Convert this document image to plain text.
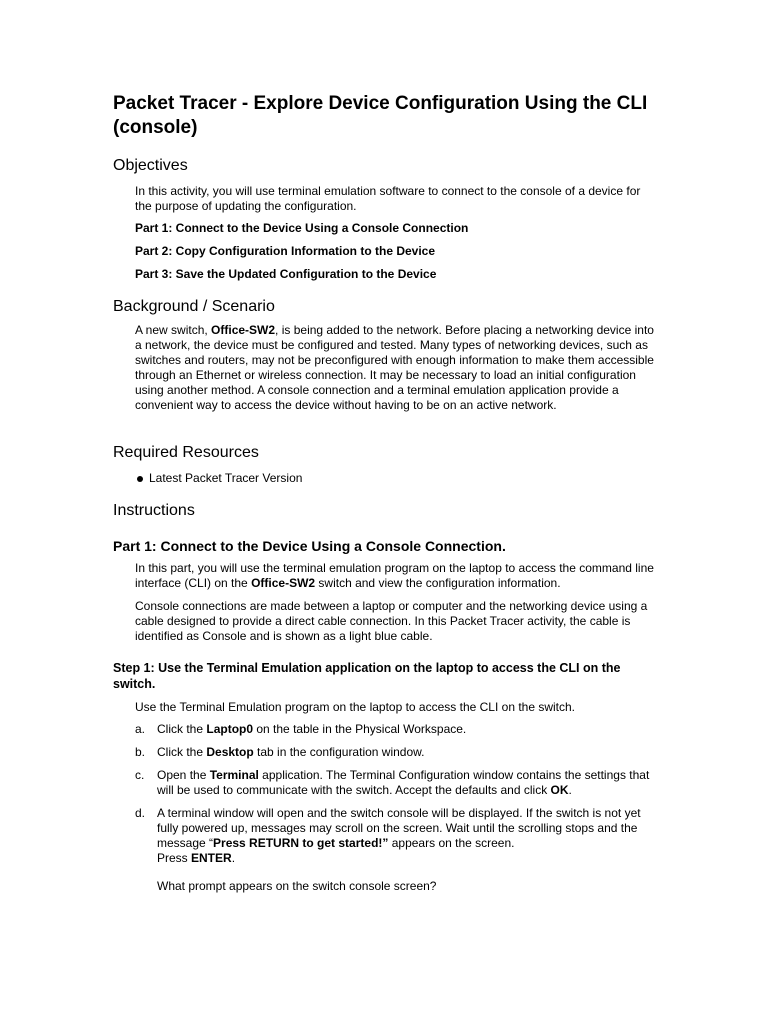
Packet Tracer - Explore Device Configuration Using the CLI (console)
Objectives

In this activity, you will use terminal emulation software to connect to the console of a device for the purpose of updating the configuration.

Part 1: Connect to the Device Using a Console Connection

Part 2: Copy Configuration Information to the Device

Part 3: Save the Updated Configuration to the Device

Background / Scenario

A new switch, Office-SW2, is being added to the network. Before placing a networking device into a network, the device must be configured and tested. Many types of networking devices, such as switches and routers, may not be preconfigured with enough information to make them accessible through an Ethernet or wireless connection. It may be necessary to load an initial configuration using another method. A console connection and a terminal emulation application provide a convenient way to access the device without having to be on an active network.

Required Resources

Latest Packet Tracer Version

Instructions
Part 1: Connect to the Device Using a Console Connection.

In this part, you will use the terminal emulation program on the laptop to access the command line interface (CLI) on the Office-SW2 switch and view the configuration information.

Console connections are made between a laptop or computer and the networking device using a cable designed to provide a direct cable connection. In this Packet Tracer activity, the cable is identified as Console and is shown as a light blue cable.

Step 1: Use the Terminal Emulation application on the laptop to access the CLI on the switch.

Use the Terminal Emulation program on the laptop to access the CLI on the switch.

a. Click the Laptop0 on the table in the Physical Workspace.

b. Click the Desktop tab in the configuration window.

c. Open the Terminal application. The Terminal Configuration window contains the settings that will be used to communicate with the switch. Accept the defaults and click OK.

d. A terminal window will open and the switch console will be displayed. If the switch is not yet fully powered up, messages may scroll on the screen. Wait until the scrolling stops and the message “Press RETURN to get started!” appears on the screen.
Press ENTER.

What prompt appears on the switch console screen?
